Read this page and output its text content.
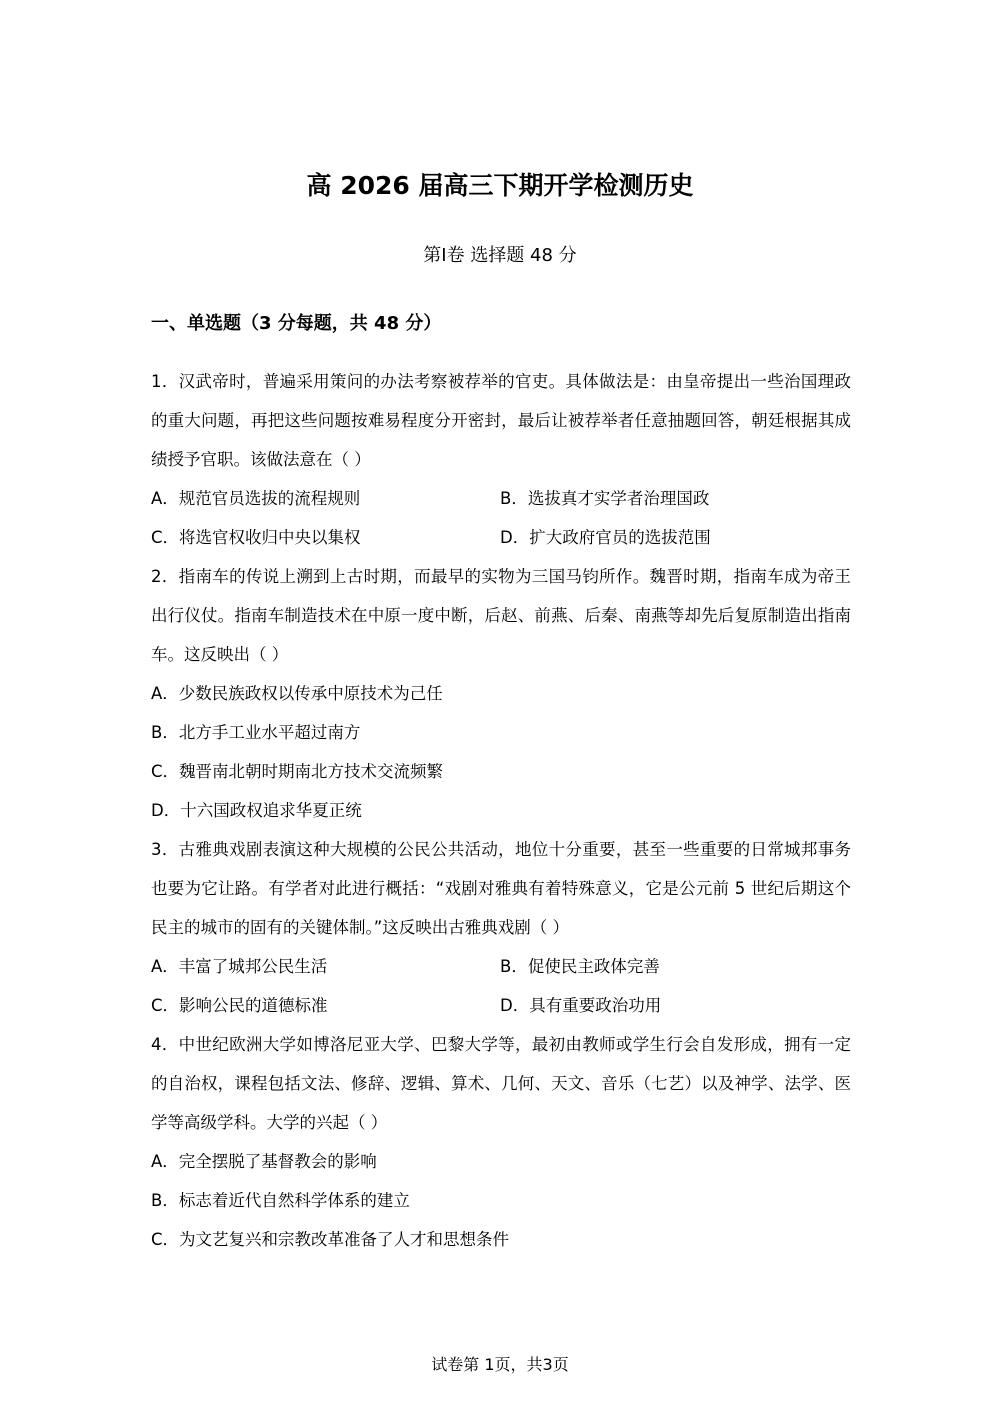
高 2026 届高三下期开学检测历史
第Ⅰ卷 选择题 48 分
一、单选题（3 分每题，共 48 分）
1．汉武帝时，普遍采用策问的办法考察被荐举的官吏。具体做法是：由皇帝提出一些治国理政的重大问题，再把这些问题按难易程度分开密封，最后让被荐举者任意抽题回答，朝廷根据其成绩授予官职。该做法意在（ ）
A．规范官员选拔的流程规则	B．选拔真才实学者治理国政
C．将选官权收归中央以集权	D．扩大政府官员的选拔范围
2．指南车的传说上溯到上古时期，而最早的实物为三国马钧所作。魏晋时期，指南车成为帝王出行仪仗。指南车制造技术在中原一度中断，后赵、前燕、后秦、南燕等却先后复原制造出指南车。这反映出（ ）
A．少数民族政权以传承中原技术为己任
B．北方手工业水平超过南方
C．魏晋南北朝时期南北方技术交流频繁
D．十六国政权追求华夏正统
3．古雅典戏剧表演这种大规模的公民公共活动，地位十分重要，甚至一些重要的日常城邦事务也要为它让路。有学者对此进行概括：“戏剧对雅典有着特殊意义，它是公元前 5 世纪后期这个民主的城市的固有的关键体制。”这反映出古雅典戏剧（ ）
A．丰富了城邦公民生活	B．促使民主政体完善
C．影响公民的道德标准	D．具有重要政治功用
4．中世纪欧洲大学如博洛尼亚大学、巴黎大学等，最初由教师或学生行会自发形成，拥有一定的自治权，课程包括文法、修辞、逻辑、算术、几何、天文、音乐（七艺）以及神学、法学、医学等高级学科。大学的兴起（ ）
A．完全摆脱了基督教会的影响
B．标志着近代自然科学体系的建立
C．为文艺复兴和宗教改革准备了人才和思想条件
试卷第 1页，共3页
